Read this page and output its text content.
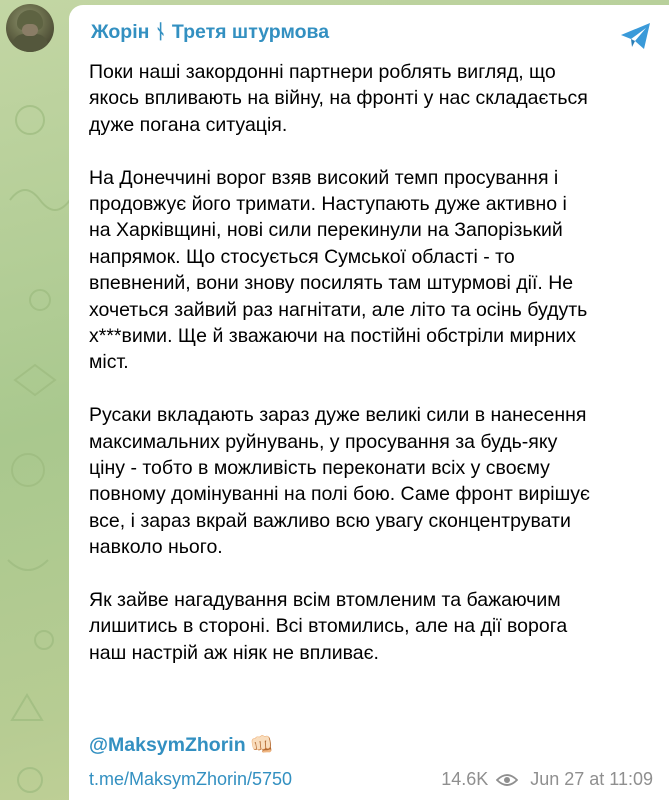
Жорін ᚾ Третя штурмова

Поки наші закордонні партнери роблять вигляд, що
якось впливають на війну, на фронті у нас складається
дуже погана ситуація.

На Донеччині ворог взяв високий темп просування і
продовжує його тримати. Наступають дуже активно і
на Харківщині, нові сили перекинули на Запорізький
напрямок. Що стосується Сумської області - то
впевнений, вони знову посилять там штурмові дії. Не
хочеться зайвий раз нагнітати, але літо та осінь будуть
х***вими. Ще й зважаючи на постійні обстріли мирних
міст.

Русаки вкладають зараз дуже великі сили в нанесення
максимальних руйнувань, у просування за будь-яку
ціну - тобто в можливість переконати всіх у своєму
повному домінуванні на полі бою. Саме фронт вирішує
все, і зараз вкрай важливо всю увагу сконцентрувати
навколо нього.

Як зайве нагадування всім втомленим та бажаючим
лишитись в стороні. Всі втомились, але на дії ворога
наш настрій аж ніяк не впливає.

@MaksymZhorin 👊🏻
t.me/MaksymZhorin/5750	14.6K Jun 27 at 11:09
